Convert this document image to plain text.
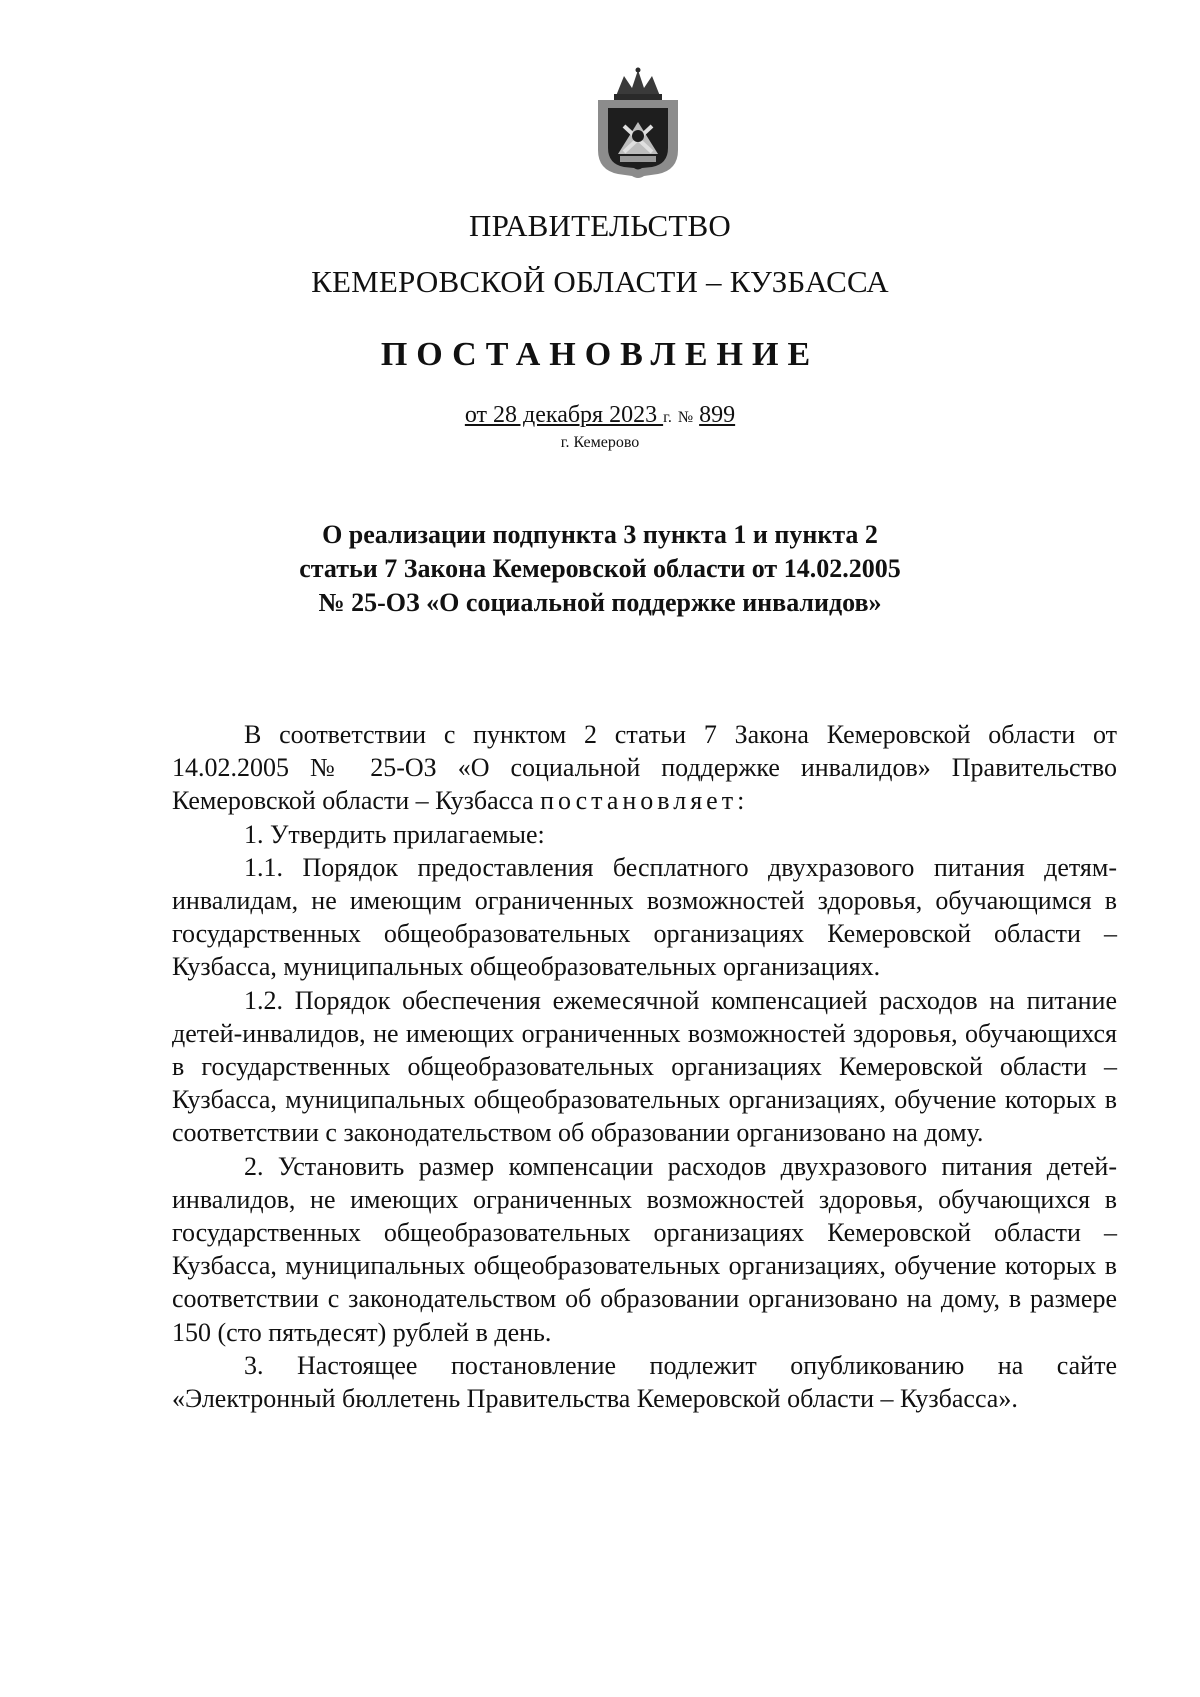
ПРАВИТЕЛЬСТВО
КЕМЕРОВСКОЙ ОБЛАСТИ – КУЗБАССА
ПОСТАНОВЛЕНИЕ
от 28 декабря 2023 г. № 899
г. Кемерово
О реализации подпункта 3 пункта 1 и пункта 2
статьи 7 Закона Кемеровской области от 14.02.2005
№ 25-ОЗ «О социальной поддержке инвалидов»

В соответствии с пунктом 2 статьи 7 Закона Кемеровской области от 14.02.2005 № 25-ОЗ «О социальной поддержке инвалидов» Правительство Кемеровской области – Кузбасса постановляет:

1. Утвердить прилагаемые:

1.1. Порядок предоставления бесплатного двухразового питания детям-инвалидам, не имеющим ограниченных возможностей здоровья, обучающимся в государственных общеобразовательных организациях Кемеровской области – Кузбасса, муниципальных общеобразовательных организациях.

1.2. Порядок обеспечения ежемесячной компенсацией расходов на питание детей-инвалидов, не имеющих ограниченных возможностей здоровья, обучающихся в государственных общеобразовательных организациях Кемеровской области – Кузбасса, муниципальных общеобразовательных организациях, обучение которых в соответствии с законодательством об образовании организовано на дому.

2. Установить размер компенсации расходов двухразового питания детей-инвалидов, не имеющих ограниченных возможностей здоровья, обучающихся в государственных общеобразовательных организациях Кемеровской области – Кузбасса, муниципальных общеобразовательных организациях, обучение которых в соответствии с законодательством об образовании организовано на дому, в размере 150 (сто пятьдесят) рублей в день.

3. Настоящее постановление подлежит опубликованию на сайте «Электронный бюллетень Правительства Кемеровской области – Кузбасса».
